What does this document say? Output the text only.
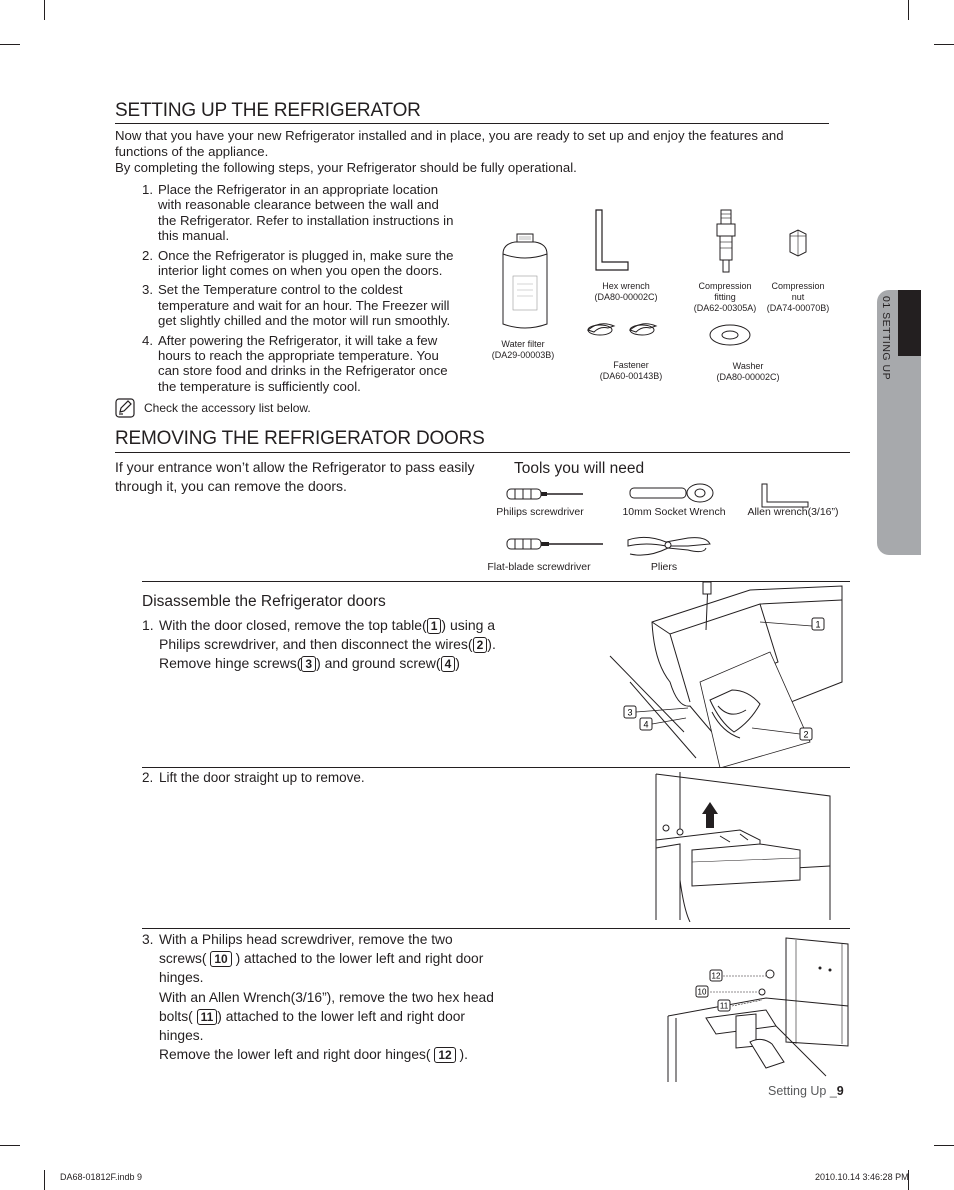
SETTING UP THE REFRIGERATOR

Now that you have your new Refrigerator installed and in place, you are ready to set up and enjoy the features and functions of the appliance.

By completing the following steps, your Refrigerator should be fully operational.

1. Place the Refrigerator in an appropriate location with reasonable clearance between the wall and the Refrigerator. Refer to installation instructions in this manual.
2. Once the Refrigerator is plugged in, make sure the interior light comes on when you open the doors.
3. Set the Temperature control to the coldest temperature and wait for an hour. The Freezer will get slightly chilled and the motor will run smoothly.
4. After powering the Refrigerator, it will take a few hours to reach the appropriate temperature. You can store food and drinks in the Refrigerator once the temperature is sufficiently cool.
Check the accessory list below.
Water filter
(DA29-00003B)
Hex wrench
(DA80-00002C)
Compression
fitting
(DA62-00305A)
Compression
nut
(DA74-00070B)
Fastener
(DA60-00143B)
Washer
(DA80-00002C)
REMOVING THE REFRIGERATOR DOORS

If your entrance won’t allow the Refrigerator to pass easily through it, you can remove the doors.

Tools you will need
Philips screwdriver	10mm Socket Wrench	Allen wrench(3/16”)
Flat-blade screwdriver	Pliers
Disassemble the Refrigerator doors
1. With the door closed, remove the top table( 1 ) using a Philips screwdriver, and then disconnect the wires( 2 ). Remove hinge screws( 3 ) and ground screw( 4 )
1
2
3
4
2. Lift the door straight up to remove.
3. With a Philips head screwdriver, remove the two screws( 10 ) attached to the lower left and right door hinges.
With an Allen Wrench(3/16”), remove the two hex head bolts( 11 ) attached to the lower left and right door hinges.
Remove the lower left and right door hinges( 12 ).
12
10
11
01 SETTING UP
Setting Up _9
DA68-01812F.indb 9	2010.10.14 3:46:28 PM
